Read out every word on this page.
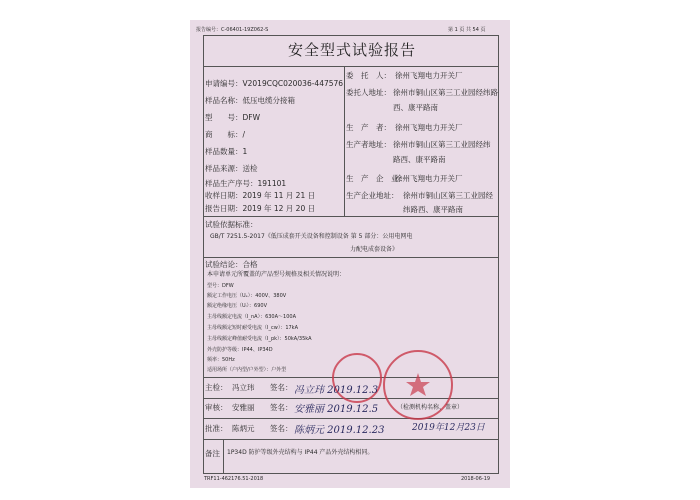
报告编号：C-06401-19Z062-S	第 1 页 共 54 页
安全型式试验报告
申请编号：V2019CQC020036-447576
样品名称：低压电缆分接箱
型　　号：DFW
商　　标：/
样品数量：1
样品来源：送检
样品生产序号：191101
收样日期：2019 年 11 月 21 日
报告日期：2019 年 12 月 20 日
委　托　人： 徐州飞翔电力开关厂
委托人地址： 徐州市铜山区第三工业园经纬路
西、康平路南
生　产　者： 徐州飞翔电力开关厂
生产者地址： 徐州市铜山区第三工业园经纬
路西、康平路南
生　产　企　业：
徐州飞翔电力开关厂
生产企业地址： 徐州市铜山区第三工业园经
纬路西、康平路南
试验依据标准：
GB/T 7251.5-2017《低压成套开关设备和控制设备 第 5 部分：公用电网电
力配电成套设备》
试验结论：合格
本申请单元所覆盖的产品型号规格及相关情况说明：
型号：DFW
额定工作电压（Uₑ）：400V、380V
额定绝缘电压（Uᵢ）：690V
主母线额定电流（I_nA）：630A～100A
主母线额定短时耐受电流（I_cw）：17kA
主母线额定峰值耐受电流（I_pk）：50kA/35kA
外壳防护等级：IP44、IP34D
频率：50Hz
适用场所（户内型/户外型）：户外型
主检： 冯立玮 签名： 冯立玮 2019.12.3
审核： 安雅丽 签名： 安雅丽 2019.12.5
批准： 陈炳元 签名： 陈炳元 2019.12.23
（检测机构名称、盖章）
2019年12月23日
备注 1P34D 防护等级外壳结构与 IP44 产品外壳结构相同。
TRF11-462176.51-2018	2018-06-19
